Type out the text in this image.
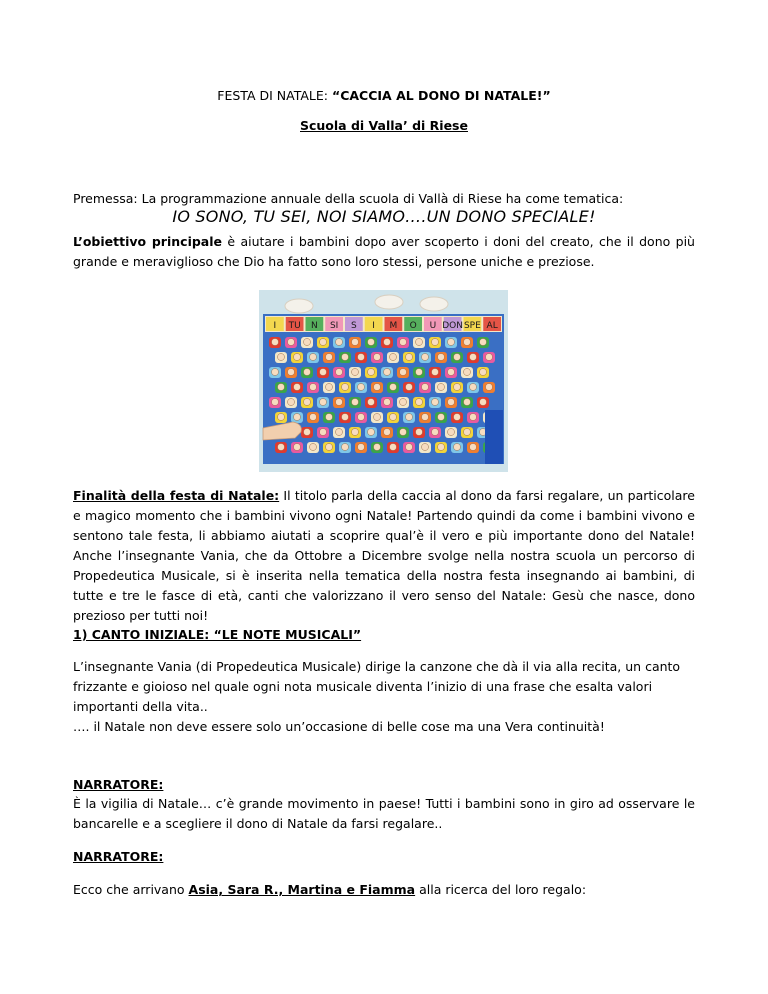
FESTA DI NATALE: “CACCIA AL DONO DI NATALE!”

Scuola di Valla’ di Riese

Premessa: La programmazione annuale della scuola di Vallà di Riese ha come tematica:

IO SONO, TU SEI, NOI SIAMO….UN DONO SPECIALE!

L’obiettivo principale è aiutare i bambini dopo aver scoperto i doni del creato, che il dono più grande e meraviglioso che Dio ha fatto sono loro stessi, persone uniche e preziose.

I TU N SI S I M O U DON SPE AL

Finalità della festa di Natale: Il titolo parla della caccia al dono da farsi regalare, un particolare e magico momento che i bambini vivono ogni Natale! Partendo quindi da come i bambini vivono e sentono tale festa, li abbiamo aiutati a scoprire qual’è il vero e più importante dono del Natale! Anche l’insegnante Vania, che da Ottobre a Dicembre svolge nella nostra scuola un percorso di Propedeutica Musicale, si è inserita nella tematica della nostra festa insegnando ai bambini, di tutte e tre le fasce di età, canti che valorizzano il vero senso del Natale: Gesù che nasce, dono prezioso per tutti noi!

1) CANTO INIZIALE: “LE NOTE MUSICALI”

L’insegnante Vania (di Propedeutica Musicale) dirige la canzone che dà il via alla recita, un canto frizzante e gioioso nel quale ogni nota musicale diventa l’inizio di una frase che esalta valori importanti della vita..

…. il Natale non deve essere solo un’occasione di belle cose ma una Vera continuità!

NARRATORE:

È la vigilia di Natale… c’è grande movimento in paese! Tutti i bambini sono in giro ad osservare le bancarelle e a scegliere il dono di Natale da farsi regalare..

NARRATORE:

Ecco che arrivano Asia, Sara R., Martina e Fiamma alla ricerca del loro regalo:
